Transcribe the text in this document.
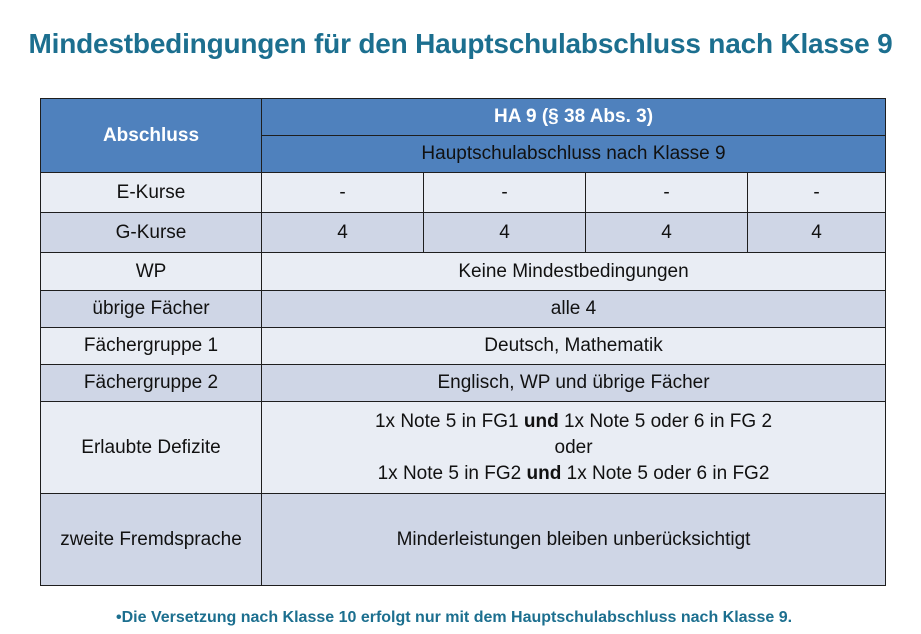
Mindestbedingungen für den Hauptschulabschluss nach Klasse 9
Abschluss	HA 9 (§ 38 Abs. 3)			
	Hauptschulabschluss nach Klasse 9			
E-Kurse	-	-	-	-
G-Kurse	4	4	4	4
WP	Keine Mindestbedingungen			
übrige Fächer	alle 4			
Fächergruppe 1	Deutsch, Mathematik			
Fächergruppe 2	Englisch, WP und übrige Fächer			
Erlaubte Defizite	1x Note 5 in FG1 und 1x Note 5 oder 6 in FG 2
oder
1x Note 5 in FG2 und 1x Note 5 oder 6 in FG2			

zweite Fremdsprache	Minderleistungen bleiben unberücksichtigt			
•Die Versetzung nach Klasse 10 erfolgt nur mit dem Hauptschulabschluss nach Klasse 9.
